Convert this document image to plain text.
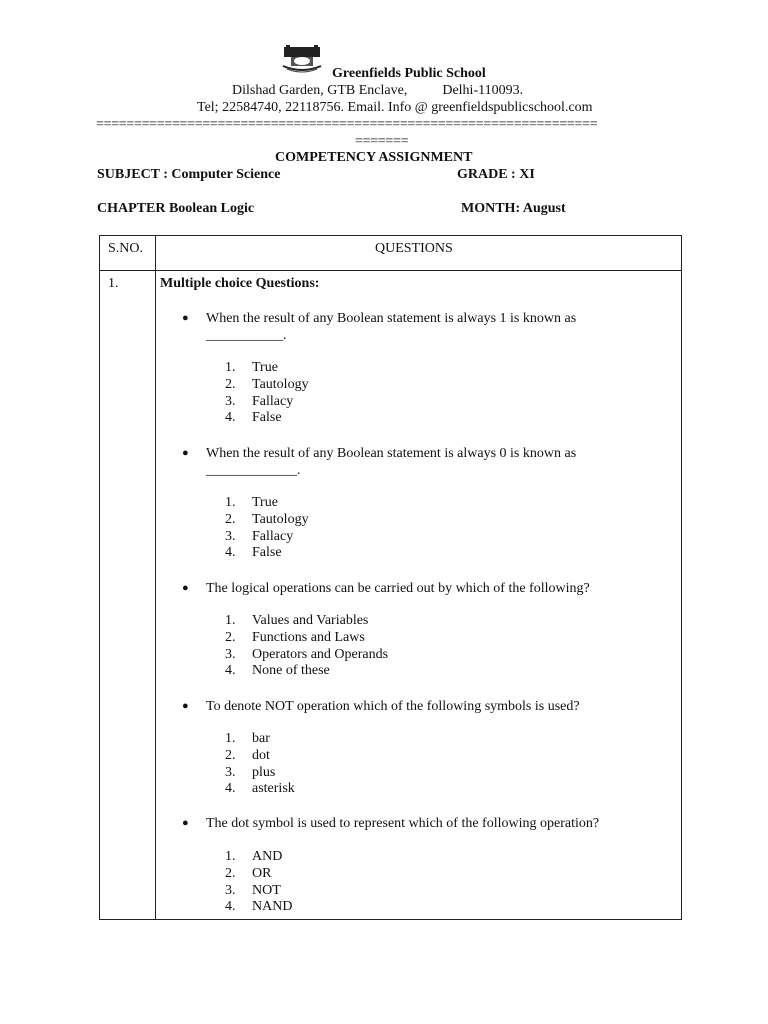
Greenfields Public School
Dilshad Garden, GTB Enclave,          Delhi-110093.
Tel; 22584740, 22118756. Email. Info @ greenfieldspublicschool.com
==================================================================
=======
COMPETENCY ASSIGNMENT
SUBJECT : Computer Science	GRADE : XI
CHAPTER Boolean Logic	MONTH: August
S.NO.	QUESTIONS
1.	Multiple choice Questions:
● When the result of any Boolean statement is always 1 is known as
___________.
1. True
2. Tautology
3. Fallacy
4. False
● When the result of any Boolean statement is always 0 is known as
_____________.
1. True
2. Tautology
3. Fallacy
4. False
● The logical operations can be carried out by which of the following?
1. Values and Variables
2. Functions and Laws
3. Operators and Operands
4. None of these
● To denote NOT operation which of the following symbols is used?
1. bar
2. dot
3. plus
4. asterisk
● The dot symbol is used to represent which of the following operation?
1. AND
2. OR
3. NOT
4. NAND
